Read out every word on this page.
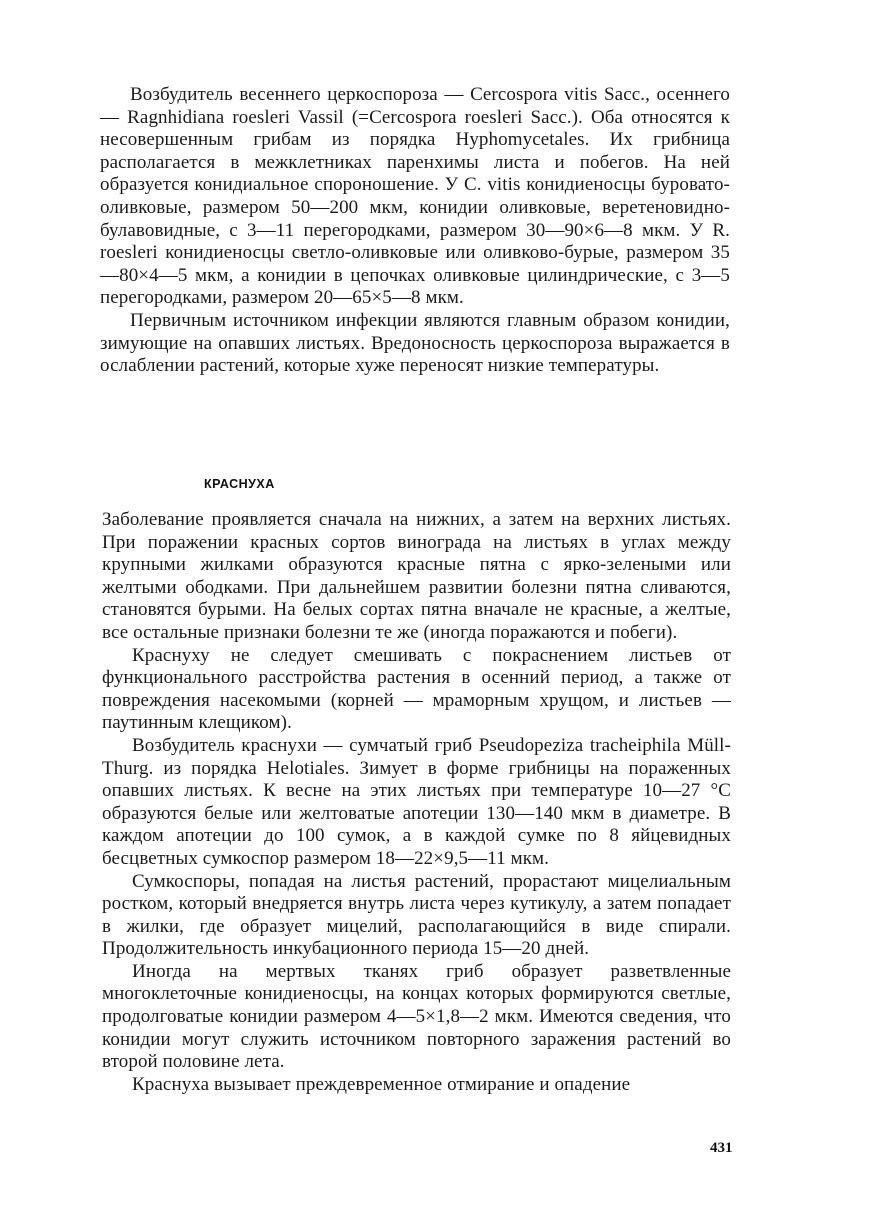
Возбудитель весеннего церкоспороза — Cercospora vitis Sacc., осеннего — Ragnhidiana roesleri Vassil (=Cercospora roesleri Sacc.). Оба относятся к несовершенным грибам из порядка Hyphomycetales. Их грибница располагается в межклетниках паренхимы листа и побегов. На ней образуется конидиальное спороношение. У C. vitis конидиеносцы буровато-оливковые, размером 50—200 мкм, конидии оливковые, веретеновидно-булавовидные, с 3—11 перегородками, размером 30—90×6—8 мкм. У R. roesleri конидиеносцы светло-оливковые или оливково-бурые, размером 35—80×4—5 мкм, а конидии в цепочках оливковые цилиндрические, с 3—5 перегородками, размером 20—65×5—8 мкм.

Первичным источником инфекции являются главным образом конидии, зимующие на опавших листьях. Вредоносность церкоспороза выражается в ослаблении растений, которые хуже переносят низкие температуры.

КРАСНУХА

Заболевание проявляется сначала на нижних, а затем на верхних листьях. При поражении красных сортов винограда на листьях в углах между крупными жилками образуются красные пятна с ярко-зелеными или желтыми ободками. При дальнейшем развитии болезни пятна сливаются, становятся бурыми. На белых сортах пятна вначале не красные, а желтые, все остальные признаки болезни те же (иногда поражаются и побеги).

Краснуху не следует смешивать с покраснением листьев от функционального расстройства растения в осенний период, а также от повреждения насекомыми (корней — мраморным хрущом, и листьев — паутинным клещиком).

Возбудитель краснухи — сумчатый гриб Pseudopeziza tracheiphila Müll-Thurg. из порядка Helotiales. Зимует в форме грибницы на пораженных опавших листьях. К весне на этих листьях при температуре 10—27 °C образуются белые или желтоватые апотеции 130—140 мкм в диаметре. В каждом апотеции до 100 сумок, а в каждой сумке по 8 яйцевидных бесцветных сумкоспор размером 18—22×9,5—11 мкм.

Сумкоспоры, попадая на листья растений, прорастают мицелиальным ростком, который внедряется внутрь листа через кутикулу, а затем попадает в жилки, где образует мицелий, располагающийся в виде спирали. Продолжительность инкубационного периода 15—20 дней.

Иногда на мертвых тканях гриб образует разветвленные многоклеточные конидиеносцы, на концах которых формируются светлые, продолговатые конидии размером 4—5×1,8—2 мкм. Имеются сведения, что конидии могут служить источником повторного заражения растений во второй половине лета.

Краснуха вызывает преждевременное отмирание и опадение

431
